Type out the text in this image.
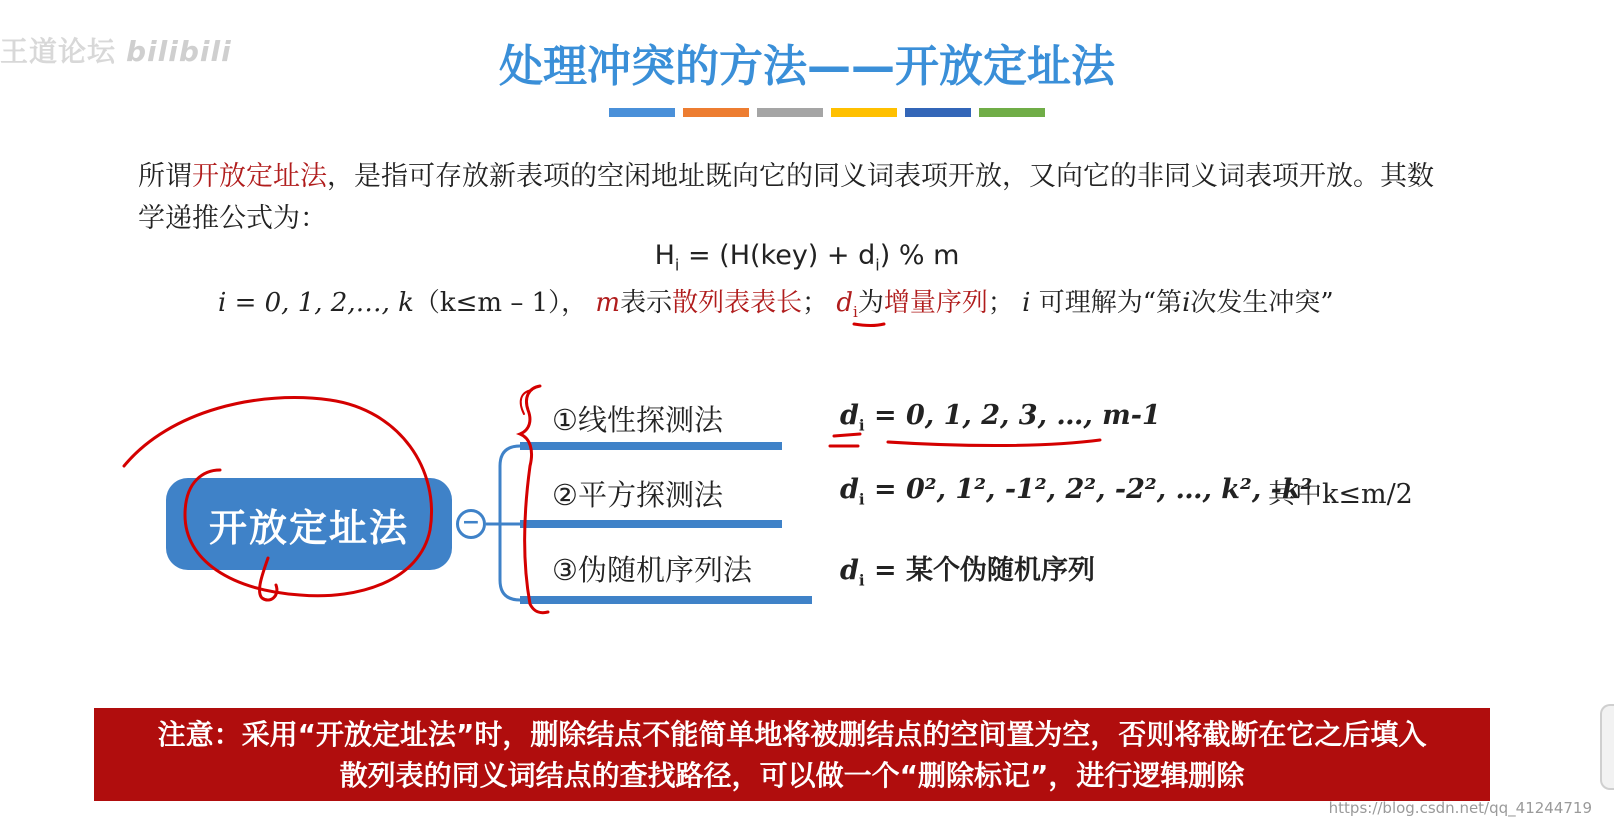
王道论坛 bilibili	处理冲突的方法——开放定址法
所谓开放定址法，是指可存放新表项的空闲地址既向它的同义词表项开放，又向它的非同义词表项开放。其数学递推公式为：
$H_i = (H(key) + d_i)$ % m
i = 0, 1, 2,…, k（k≤m – 1）， m表示散列表表长； $d_i$为增量序列； i 可理解为“第i次发生冲突”
开放定址法	−
①线性探测法
②平方探测法
③伪随机序列法
$d_i = 0$, 1, 2, 3, …, m-1
$d_i = 0^2$, 1², -1², 2², -2², …, k², -k²
其中k≤m/2
$d_i$ = 某个伪随机序列
注意：采用“开放定址法”时，删除结点不能简单地将被删结点的空间置为空，否则将截断在它之后填入
散列表的同义词结点的查找路径，可以做一个“删除标记”，进行逻辑删除
https://blog.csdn.net/qq_41244719
